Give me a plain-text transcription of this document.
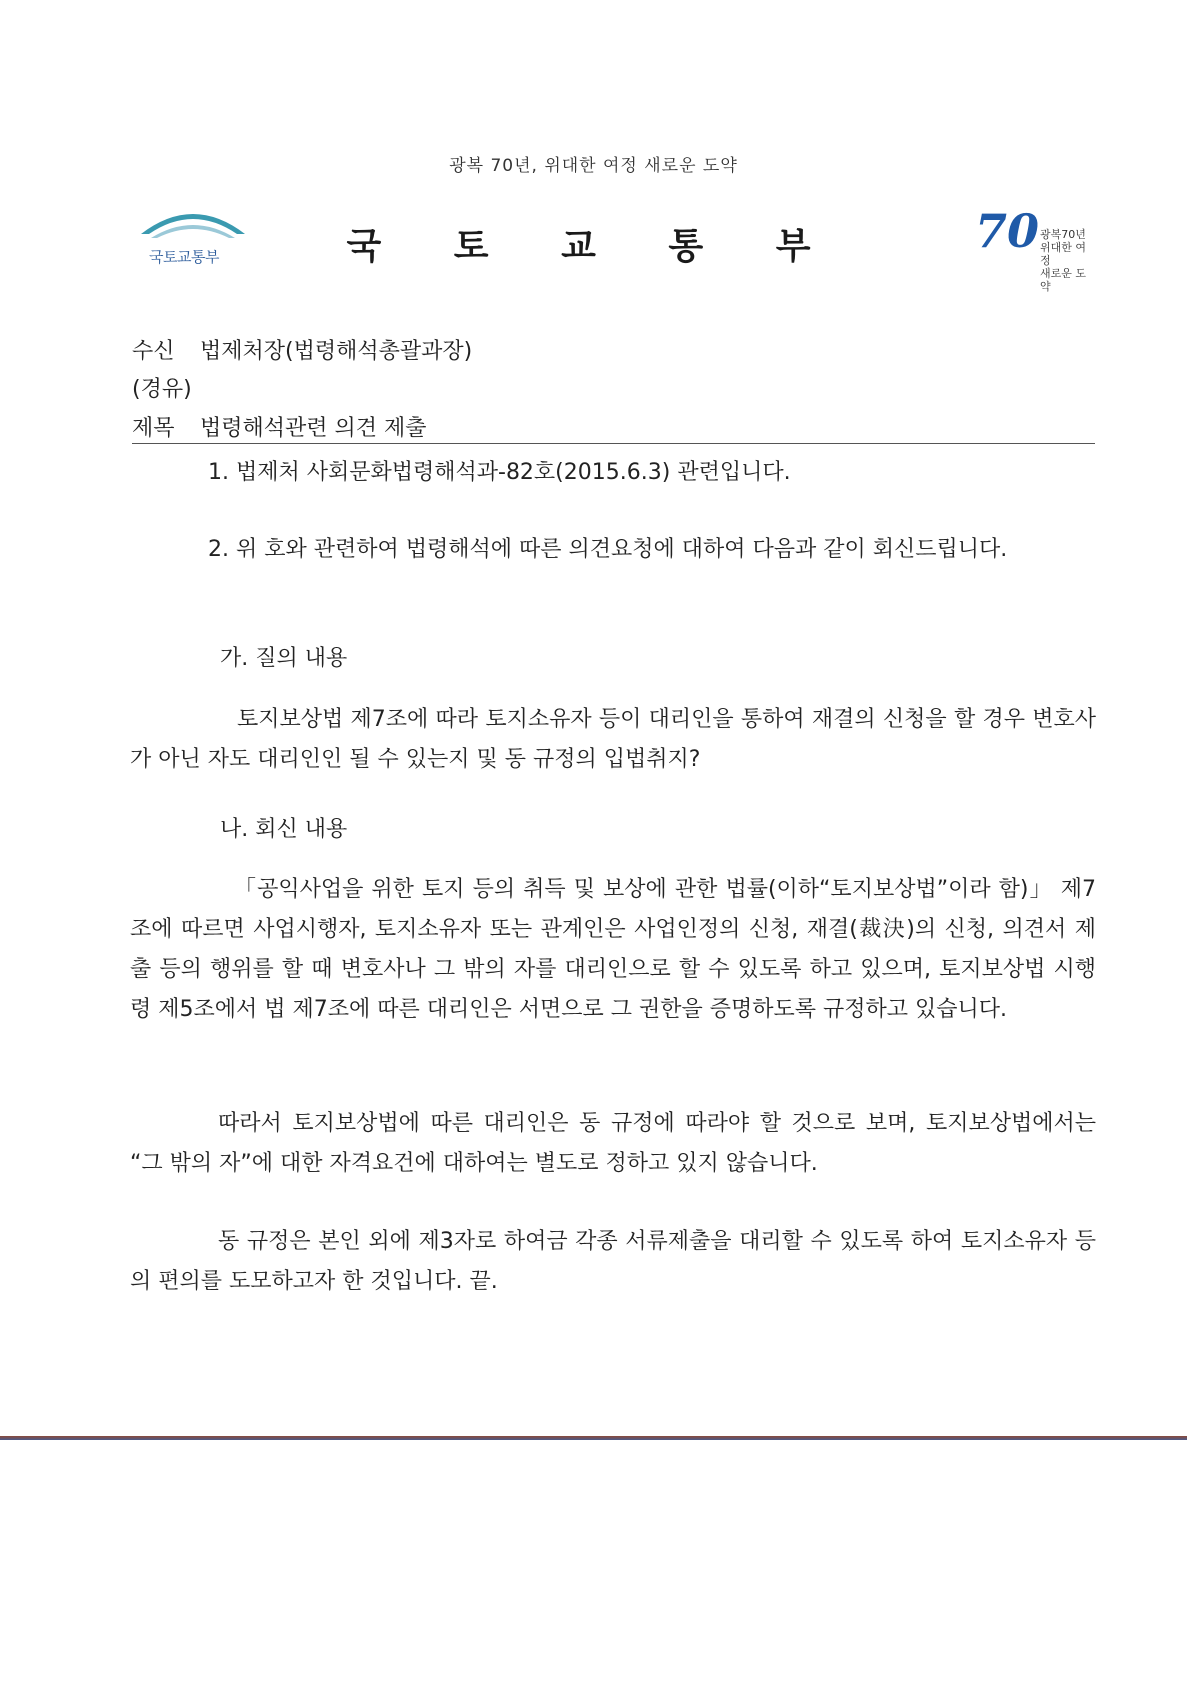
광복 70년, 위대한 여정 새로운 도약
국토교통부	국 토 교 통 부	70 광복70년
위대한 여정
새로운 도약
수신 법제처장(법령해석총괄과장)
(경유)
제목 법령해석관련 의견 제출

1. 법제처 사회문화법령해석과-82호(2015.6.3) 관련입니다.

2. 위 호와 관련하여 법령해석에 따른 의견요청에 대하여 다음과 같이 회신드립니다.

가. 질의 내용

토지보상법 제7조에 따라 토지소유자 등이 대리인을 통하여 재결의 신청을 할 경우 변호사가 아닌 자도 대리인인 될 수 있는지 및 동 규정의 입법취지?

나. 회신 내용

「공익사업을 위한 토지 등의 취득 및 보상에 관한 법률(이하“토지보상법”이라 함)」 제7조에 따르면 사업시행자, 토지소유자 또는 관계인은 사업인정의 신청, 재결(裁決)의 신청, 의견서 제출 등의 행위를 할 때 변호사나 그 밖의 자를 대리인으로 할 수 있도록 하고 있으며, 토지보상법 시행령 제5조에서 법 제7조에 따른 대리인은 서면으로 그 권한을 증명하도록 규정하고 있습니다.

따라서 토지보상법에 따른 대리인은 동 규정에 따라야 할 것으로 보며, 토지보상법에서는 “그 밖의 자”에 대한 자격요건에 대하여는 별도로 정하고 있지 않습니다.

동 규정은 본인 외에 제3자로 하여금 각종 서류제출을 대리할 수 있도록 하여 토지소유자 등의 편의를 도모하고자 한 것입니다. 끝.
